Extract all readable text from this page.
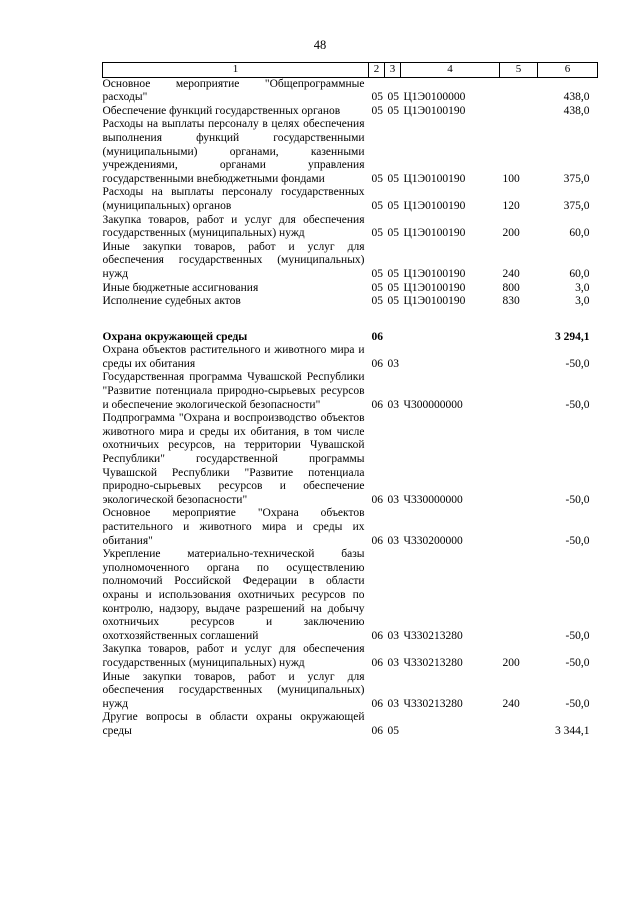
48
1	2	3	4	5	6
Основное мероприятие "Общепрограммные расходы"	05	05	Ц1Э0100000		438,0
Обеспечение функций государственных органов	05	05	Ц1Э0100190		438,0
Расходы на выплаты персоналу в целях обеспечения выполнения функций государственными (муниципальными) органами, казенными учреждениями, органами управления государственными внебюджетными фондами	05	05	Ц1Э0100190	100	375,0
Расходы на выплаты персоналу государственных (муниципальных) органов	05	05	Ц1Э0100190	120	375,0
Закупка товаров, работ и услуг для обеспечения государственных (муниципальных) нужд	05	05	Ц1Э0100190	200	60,0
Иные закупки товаров, работ и услуг для обеспечения государственных (муниципальных) нужд	05	05	Ц1Э0100190	240	60,0
Иные бюджетные ассигнования	05	05	Ц1Э0100190	800	3,0
Исполнение судебных актов	05	05	Ц1Э0100190	830	3,0

Охрана окружающей среды	06				3 294,1
Охрана объектов растительного и животного мира и среды их обитания	06	03			-50,0
Государственная программа Чувашской Республики "Развитие потенциала природно-сырьевых ресурсов и обеспечение экологической безопасности"	06	03	Ч300000000		-50,0
Подпрограмма "Охрана и воспроизводство объектов животного мира и среды их обитания, в том числе охотничьих ресурсов, на территории Чувашской Республики" государственной программы Чувашской Республики "Развитие потенциала природно-сырьевых ресурсов и обеспечение экологической безопасности"	06	03	Ч330000000		-50,0
Основное мероприятие "Охрана объектов растительного и животного мира и среды их обитания"	06	03	Ч330200000		-50,0
Укрепление материально-технической базы уполномоченного органа по осуществлению полномочий Российской Федерации в области охраны и использования охотничьих ресурсов по контролю, надзору, выдаче разрешений на добычу охотничьих ресурсов и заключению охотхозяйственных соглашений	06	03	Ч330213280		-50,0
Закупка товаров, работ и услуг для обеспечения государственных (муниципальных) нужд	06	03	Ч330213280	200	-50,0
Иные закупки товаров, работ и услуг для обеспечения государственных (муниципальных) нужд	06	03	Ч330213280	240	-50,0
Другие вопросы в области охраны окружающей среды	06	05			3 344,1
